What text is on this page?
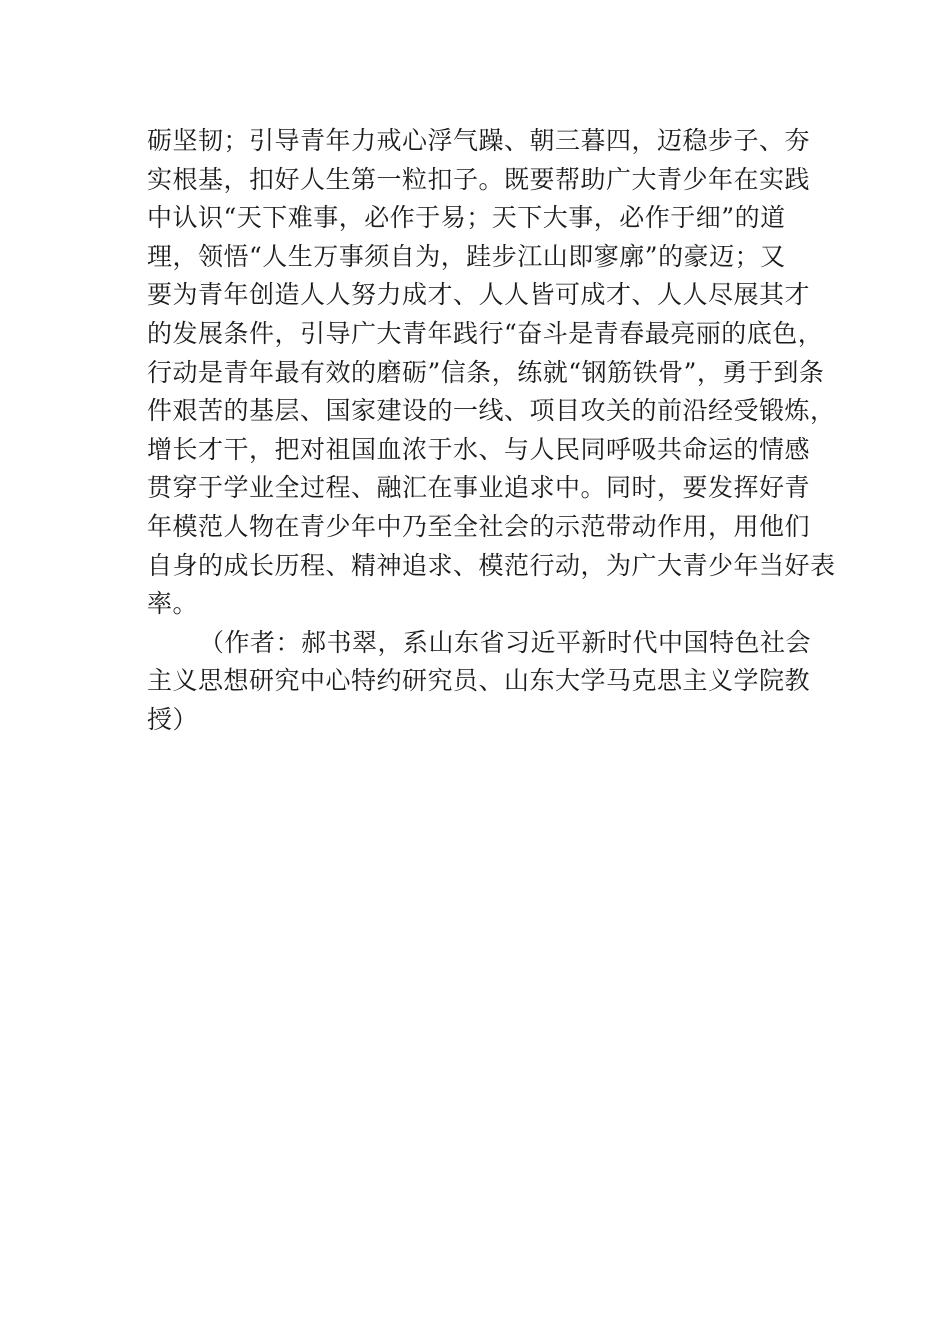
砺坚韧；引导青年力戒心浮气躁、朝三暮四，迈稳步子、夯
实根基，扣好人生第一粒扣子。既要帮助广大青少年在实践
中认识“天下难事，必作于易；天下大事，必作于细”的道
理，领悟“人生万事须自为，跬步江山即寥廓”的豪迈；又
要为青年创造人人努力成才、人人皆可成才、人人尽展其才
的发展条件，引导广大青年践行“奋斗是青春最亮丽的底色，
行动是青年最有效的磨砺”信条，练就“钢筋铁骨”，勇于到条
件艰苦的基层、国家建设的一线、项目攻关的前沿经受锻炼，
增长才干，把对祖国血浓于水、与人民同呼吸共命运的情感
贯穿于学业全过程、融汇在事业追求中。同时，要发挥好青
年模范人物在青少年中乃至全社会的示范带动作用，用他们
自身的成长历程、精神追求、模范行动，为广大青少年当好表
率。
（作者：郝书翠，系山东省习近平新时代中国特色社会
主义思想研究中心特约研究员、山东大学马克思主义学院教
授）
